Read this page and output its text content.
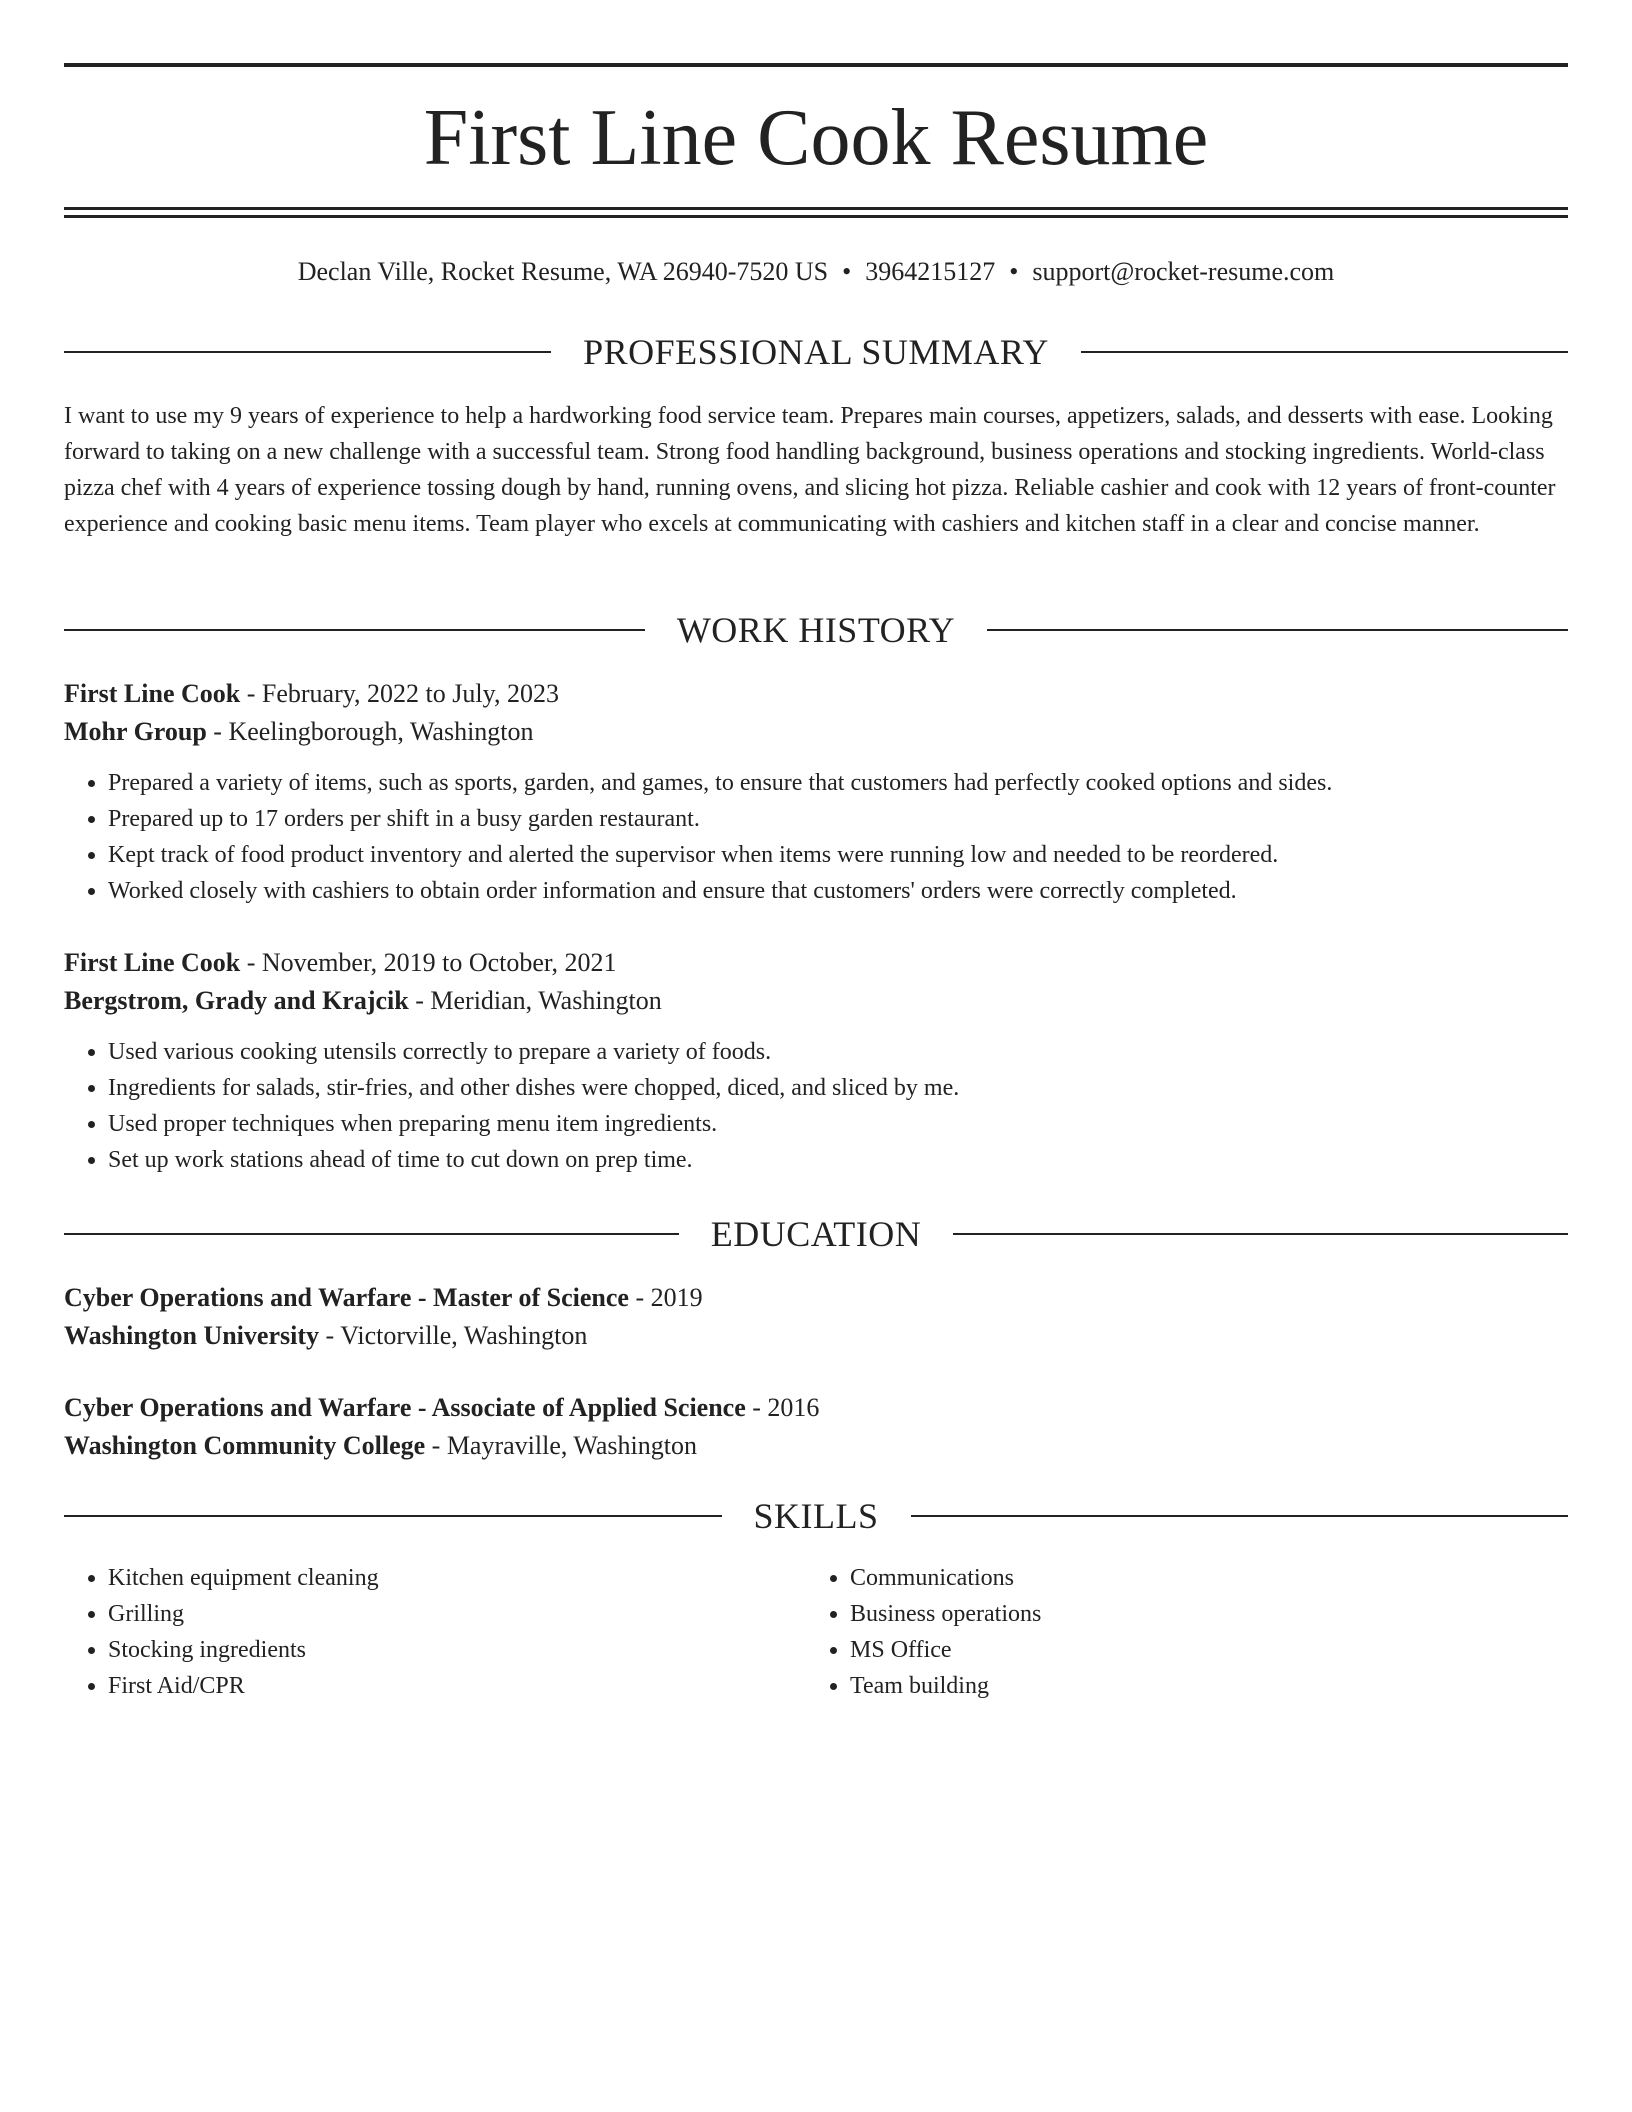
First Line Cook Resume
Declan Ville, Rocket Resume, WA 26940-7520 US • 3964215127 • support@rocket-resume.com
PROFESSIONAL SUMMARY

I want to use my 9 years of experience to help a hardworking food service team. Prepares main courses, appetizers, salads, and desserts with ease. Looking forward to taking on a new challenge with a successful team. Strong food handling background, business operations and stocking ingredients. World-class pizza chef with 4 years of experience tossing dough by hand, running ovens, and slicing hot pizza. Reliable cashier and cook with 12 years of front-counter experience and cooking basic menu items. Team player who excels at communicating with cashiers and kitchen staff in a clear and concise manner.

WORK HISTORY

First Line Cook - February, 2022 to July, 2023

Mohr Group - Keelingborough, Washington

• Prepared a variety of items, such as sports, garden, and games, to ensure that customers had perfectly cooked options and sides.
• Prepared up to 17 orders per shift in a busy garden restaurant.
• Kept track of food product inventory and alerted the supervisor when items were running low and needed to be reordered.
• Worked closely with cashiers to obtain order information and ensure that customers' orders were correctly completed.

First Line Cook - November, 2019 to October, 2021

Bergstrom, Grady and Krajcik - Meridian, Washington

• Used various cooking utensils correctly to prepare a variety of foods.
• Ingredients for salads, stir-fries, and other dishes were chopped, diced, and sliced by me.
• Used proper techniques when preparing menu item ingredients.
• Set up work stations ahead of time to cut down on prep time.
EDUCATION

Cyber Operations and Warfare - Master of Science - 2019

Washington University - Victorville, Washington

Cyber Operations and Warfare - Associate of Applied Science - 2016

Washington Community College - Mayraville, Washington

SKILLS
• Kitchen equipment cleaning
• Grilling
• Stocking ingredients
• First Aid/CPR
• Communications
• Business operations
• MS Office
• Team building
